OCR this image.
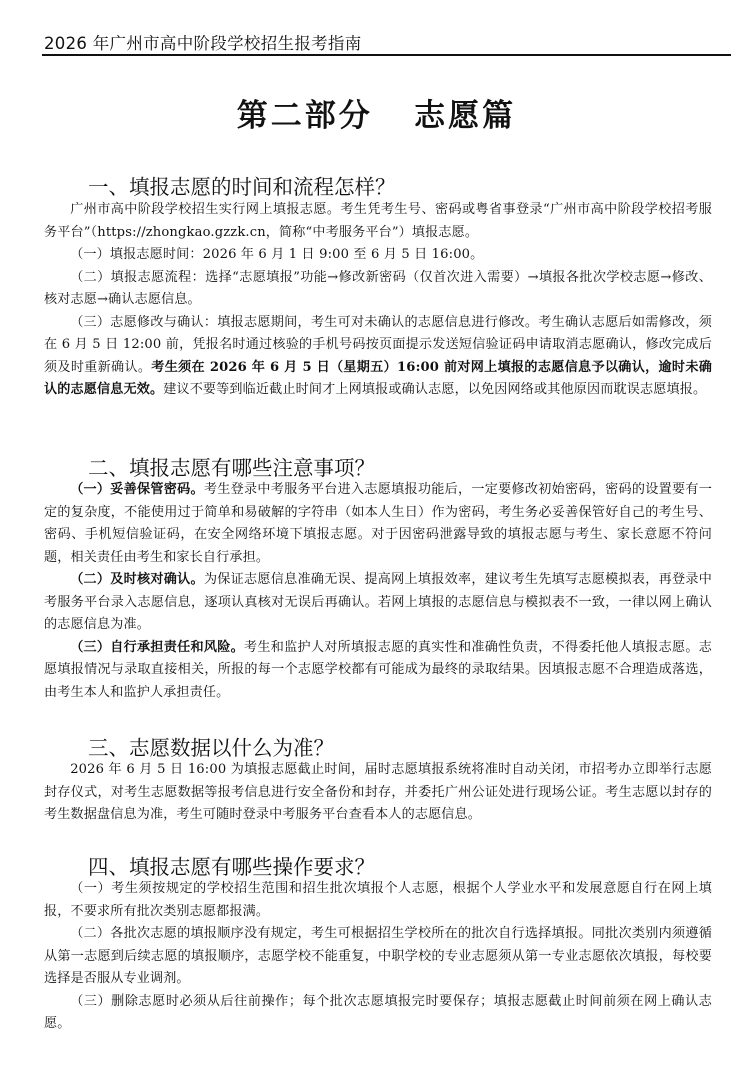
2026 年广州市高中阶段学校招生报考指南
第二部分   志愿篇
一、填报志愿的时间和流程怎样？

广州市高中阶段学校招生实行网上填报志愿。考生凭考生号、密码或粤省事登录“广州市高中阶段学校招考服务平台”（https://zhongkao.gzzk.cn，简称“中考服务平台”）填报志愿。

（一）填报志愿时间：2026 年 6 月 1 日 9:00 至 6 月 5 日 16:00。

（二）填报志愿流程：选择“志愿填报”功能→修改新密码（仅首次进入需要）→填报各批次学校志愿→修改、核对志愿→确认志愿信息。

（三）志愿修改与确认：填报志愿期间，考生可对未确认的志愿信息进行修改。考生确认志愿后如需修改，须在 6 月 5 日 12:00 前，凭报名时通过核验的手机号码按页面提示发送短信验证码申请取消志愿确认，修改完成后须及时重新确认。考生须在 2026 年 6 月 5 日（星期五）16:00 前对网上填报的志愿信息予以确认，逾时未确认的志愿信息无效。建议不要等到临近截止时间才上网填报或确认志愿，以免因网络或其他原因而耽误志愿填报。

二、填报志愿有哪些注意事项？

（一）妥善保管密码。考生登录中考服务平台进入志愿填报功能后，一定要修改初始密码，密码的设置要有一定的复杂度，不能使用过于简单和易破解的字符串（如本人生日）作为密码，考生务必妥善保管好自己的考生号、密码、手机短信验证码，在安全网络环境下填报志愿。对于因密码泄露导致的填报志愿与考生、家长意愿不符问题，相关责任由考生和家长自行承担。

（二）及时核对确认。为保证志愿信息准确无误、提高网上填报效率，建议考生先填写志愿模拟表，再登录中考服务平台录入志愿信息，逐项认真核对无误后再确认。若网上填报的志愿信息与模拟表不一致，一律以网上确认的志愿信息为准。

（三）自行承担责任和风险。考生和监护人对所填报志愿的真实性和准确性负责，不得委托他人填报志愿。志愿填报情况与录取直接相关，所报的每一个志愿学校都有可能成为最终的录取结果。因填报志愿不合理造成落选，由考生本人和监护人承担责任。

三、志愿数据以什么为准？

2026 年 6 月 5 日 16:00 为填报志愿截止时间，届时志愿填报系统将准时自动关闭，市招考办立即举行志愿封存仪式，对考生志愿数据等报考信息进行安全备份和封存，并委托广州公证处进行现场公证。考生志愿以封存的考生数据盘信息为准，考生可随时登录中考服务平台查看本人的志愿信息。

四、填报志愿有哪些操作要求？

（一）考生须按规定的学校招生范围和招生批次填报个人志愿，根据个人学业水平和发展意愿自行在网上填报，不要求所有批次类别志愿都报满。

（二）各批次志愿的填报顺序没有规定，考生可根据招生学校所在的批次自行选择填报。同批次类别内须遵循从第一志愿到后续志愿的填报顺序，志愿学校不能重复，中职学校的专业志愿须从第一专业志愿依次填报，每校要选择是否服从专业调剂。

（三）删除志愿时必须从后往前操作；每个批次志愿填报完时要保存；填报志愿截止时间前须在网上确认志愿。
